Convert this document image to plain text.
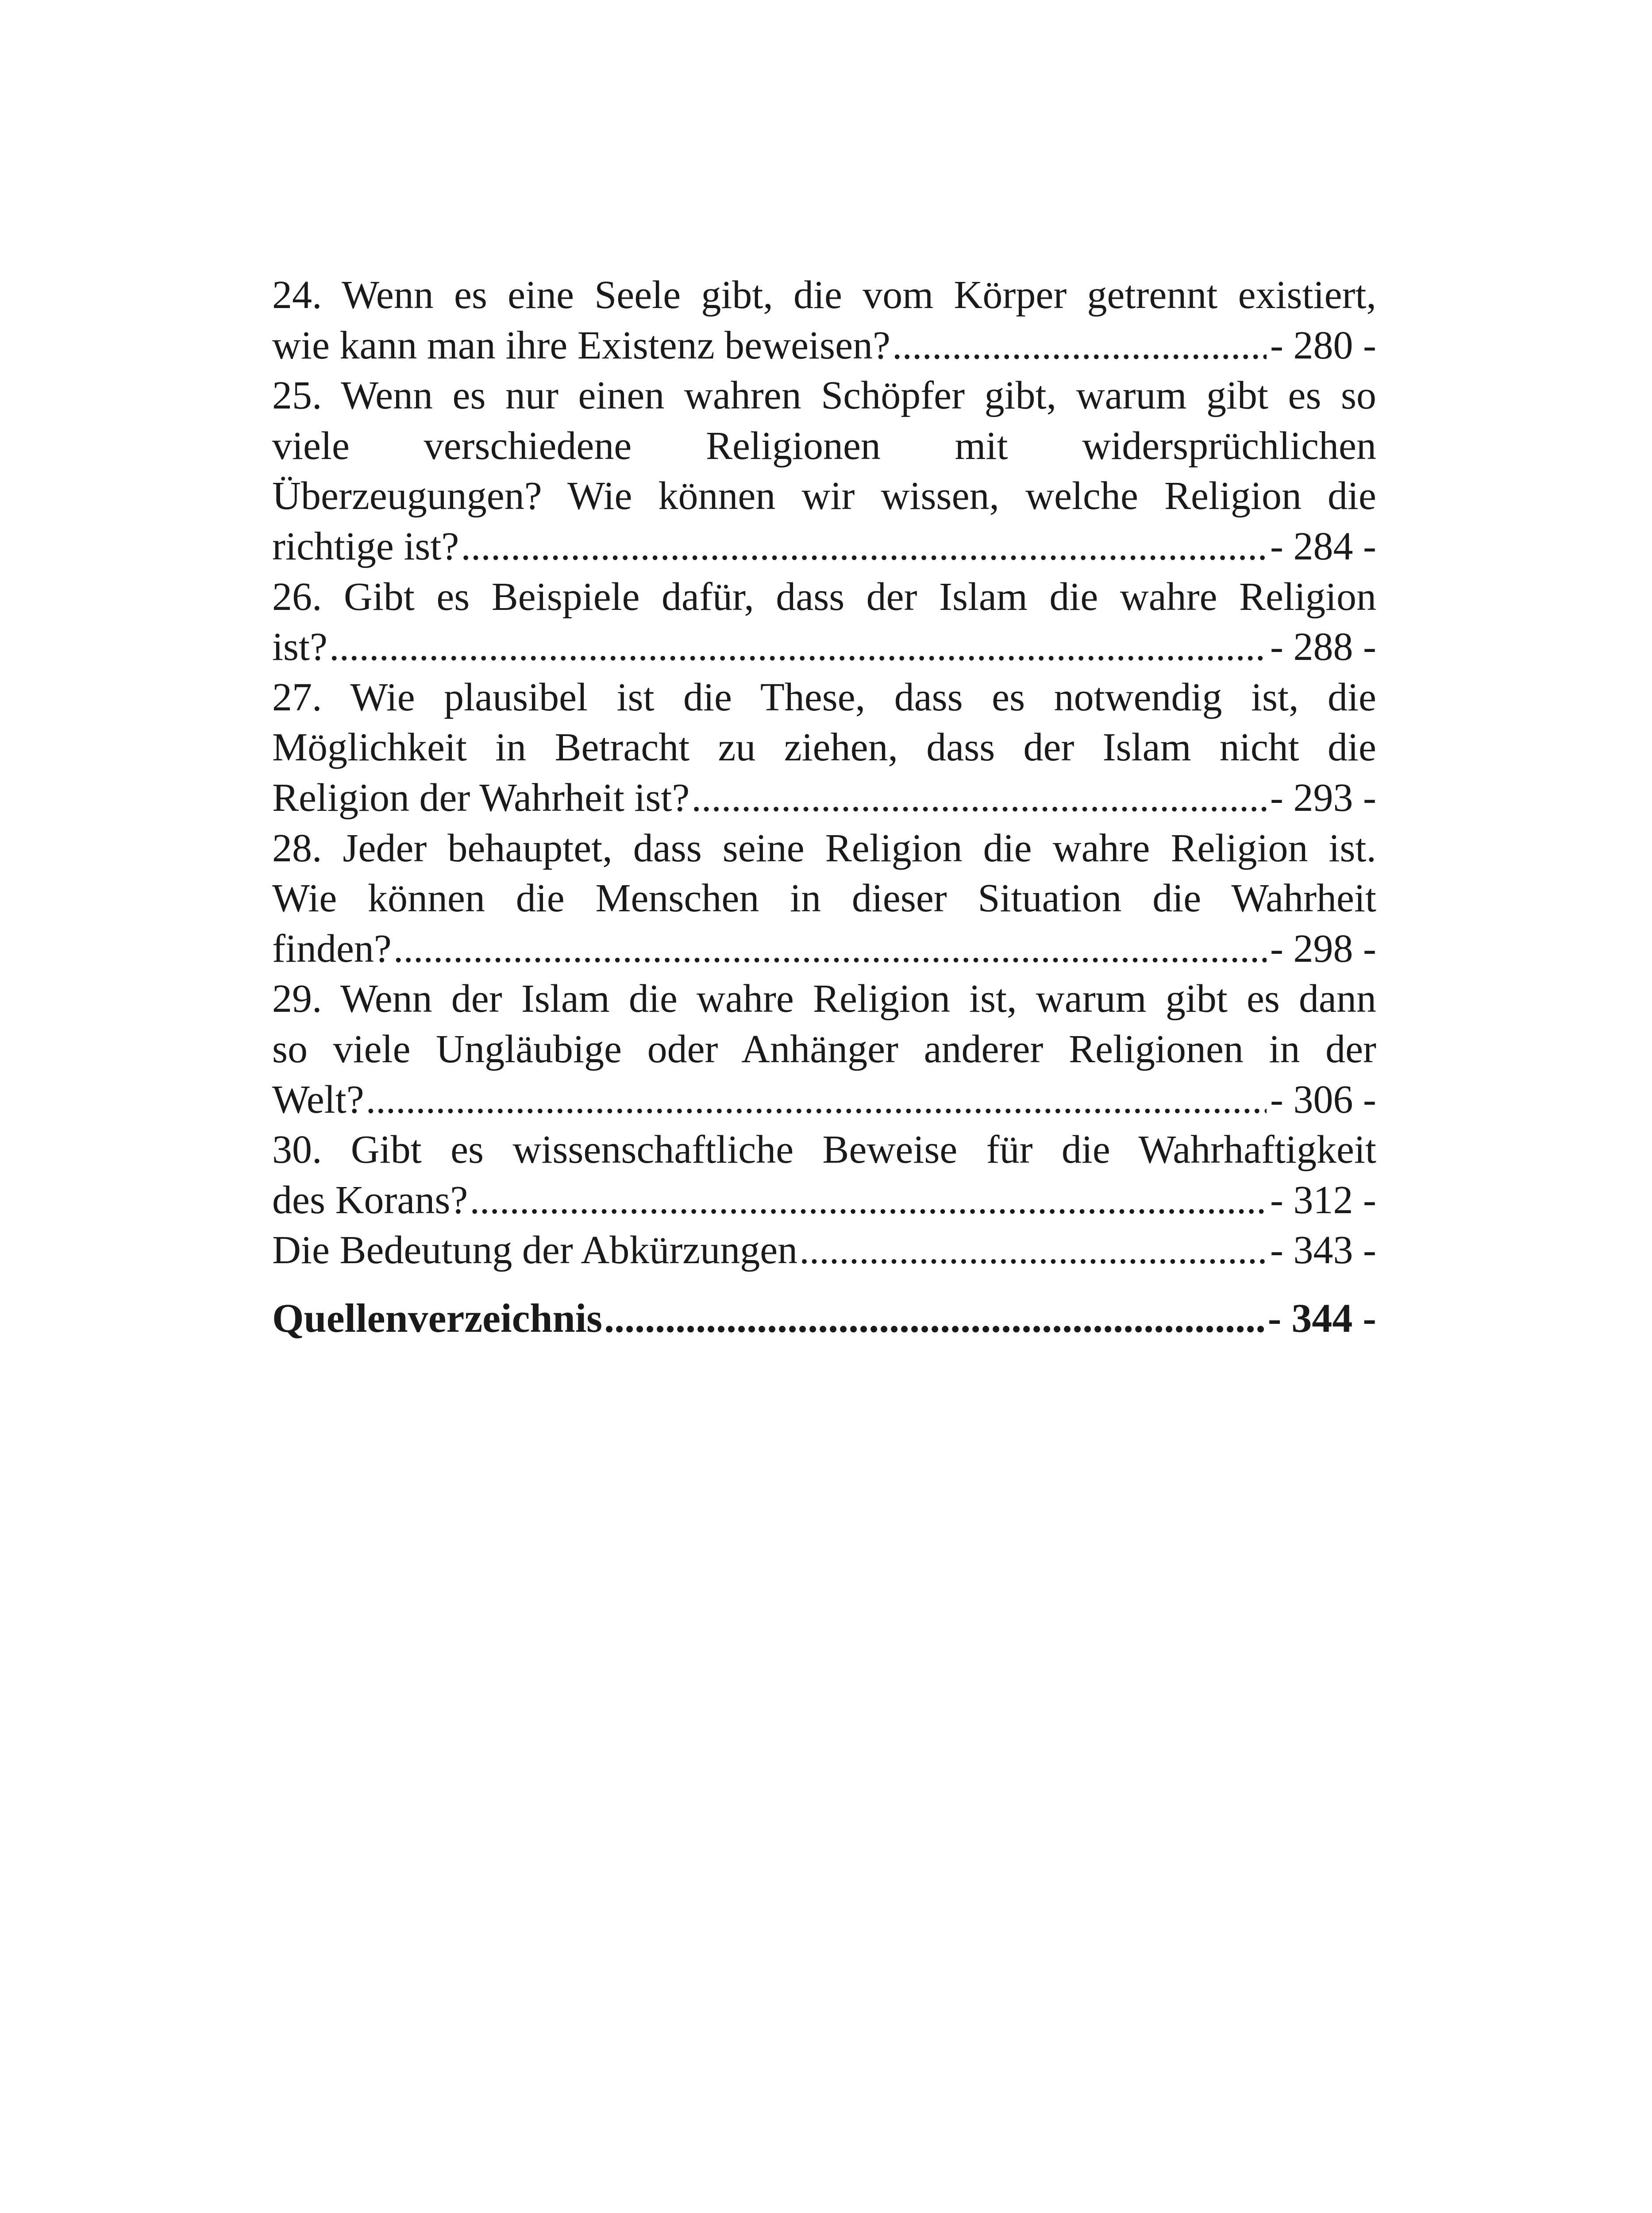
24. Wenn es eine Seele gibt, die vom Körper getrennt existiert,
wie kann man ihre Existenz beweisen? .....	- 280 -
25. Wenn es nur einen wahren Schöpfer gibt, warum gibt es so
viele verschiedene Religionen mit widersprüchlichen
Überzeugungen? Wie können wir wissen, welche Religion die
richtige ist? .....	- 284 -
26. Gibt es Beispiele dafür, dass der Islam die wahre Religion
ist? .....	- 288 -
27. Wie plausibel ist die These, dass es notwendig ist, die
Möglichkeit in Betracht zu ziehen, dass der Islam nicht die
Religion der Wahrheit ist? .....	- 293 -
28. Jeder behauptet, dass seine Religion die wahre Religion ist.
Wie können die Menschen in dieser Situation die Wahrheit
finden? .....	- 298 -
29. Wenn der Islam die wahre Religion ist, warum gibt es dann
so viele Ungläubige oder Anhänger anderer Religionen in der
Welt? .....	- 306 -
30. Gibt es wissenschaftliche Beweise für die Wahrhaftigkeit
des Korans? .....	- 312 -
Die Bedeutung der Abkürzungen .....	- 343 -
Quellenverzeichnis .....	- 344 -
